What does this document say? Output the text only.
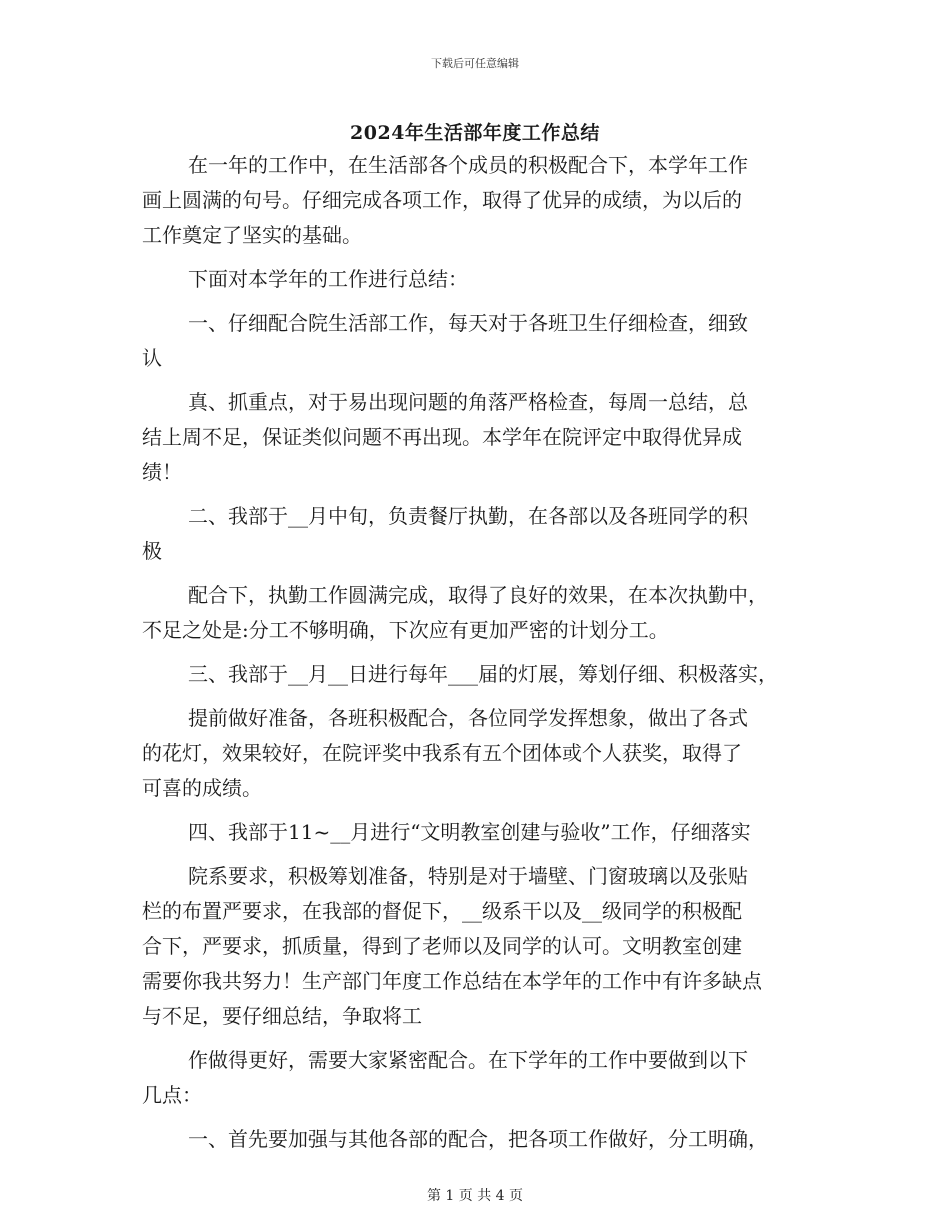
下载后可任意编辑
2024年生活部年度工作总结

在一年的工作中，在生活部各个成员的积极配合下，本学年工作

画上圆满的句号。仔细完成各项工作，取得了优异的成绩，为以后的

工作奠定了坚实的基础。

下面对本学年的工作进行总结：

一、仔细配合院生活部工作，每天对于各班卫生仔细检查，细致

认

真、抓重点，对于易出现问题的角落严格检查，每周一总结，总

结上周不足，保证类似问题不再出现。本学年在院评定中取得优异成

绩！

二、我部于__月中旬，负责餐厅执勤，在各部以及各班同学的积

极

配合下，执勤工作圆满完成，取得了良好的效果，在本次执勤中，

不足之处是:分工不够明确，下次应有更加严密的计划分工。

三、我部于__月__日进行每年___届的灯展，筹划仔细、积极落实，

提前做好准备，各班积极配合，各位同学发挥想象，做出了各式

的花灯，效果较好，在院评奖中我系有五个团体或个人获奖，取得了

可喜的成绩。

四、我部于11~__月进行“文明教室创建与验收”工作，仔细落实

院系要求，积极筹划准备，特别是对于墙壁、门窗玻璃以及张贴

栏的布置严要求，在我部的督促下，__级系干以及__级同学的积极配

合下，严要求，抓质量，得到了老师以及同学的认可。文明教室创建

需要你我共努力！生产部门年度工作总结在本学年的工作中有许多缺点

与不足，要仔细总结，争取将工

作做得更好，需要大家紧密配合。在下学年的工作中要做到以下

几点：

一、首先要加强与其他各部的配合，把各项工作做好，分工明确，

第 1 页 共 4 页
